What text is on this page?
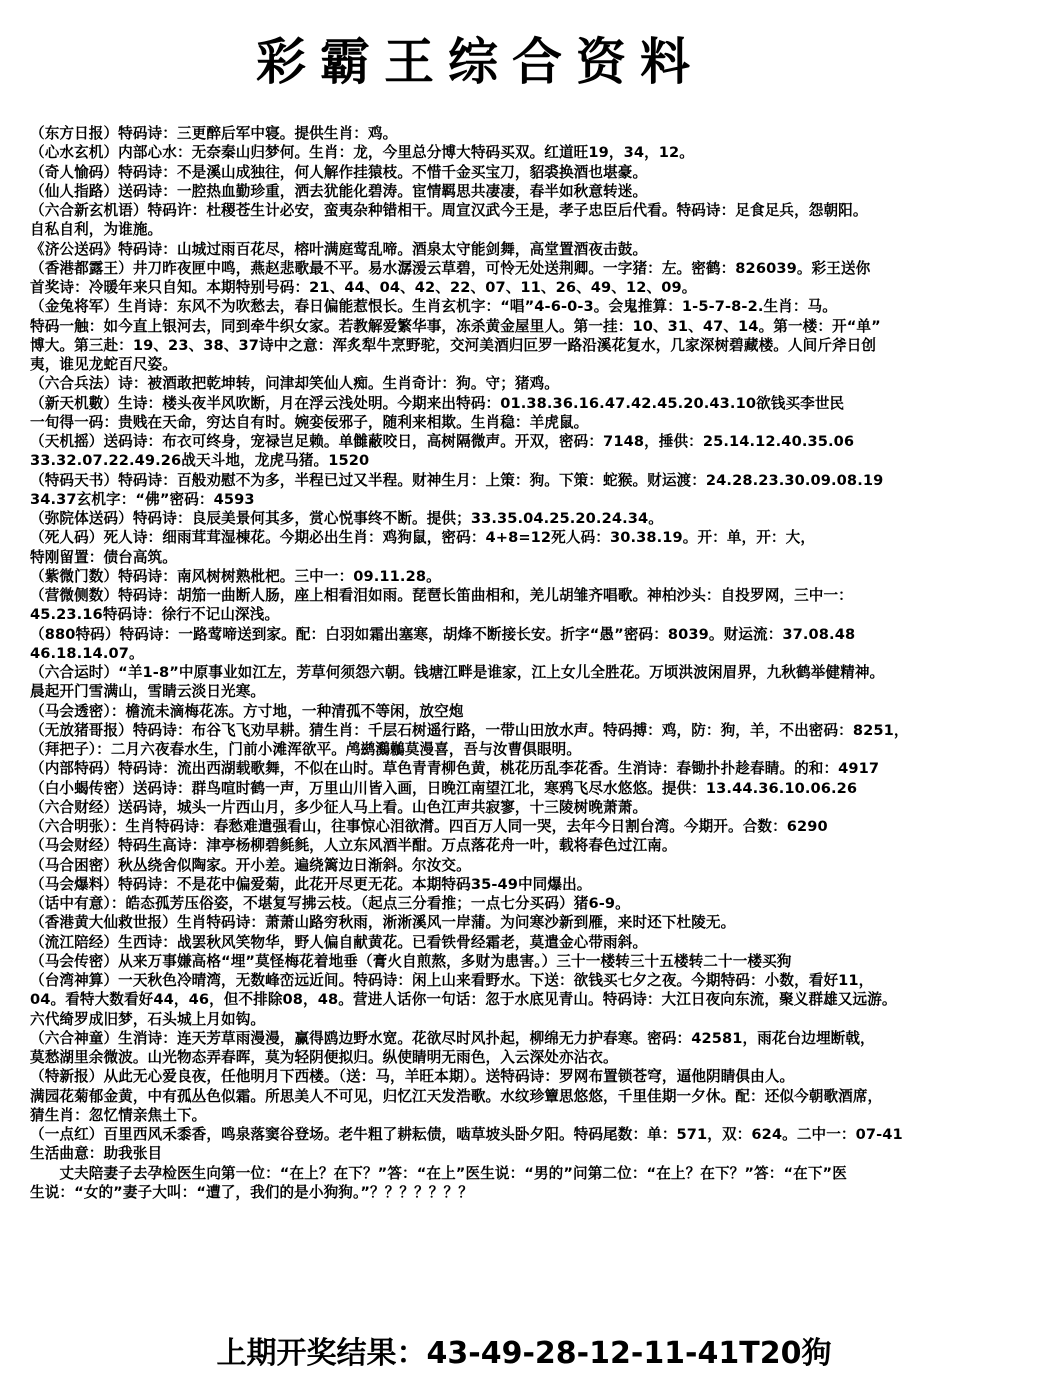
彩霸王综合资料
（东方日报）特码诗：三更醉后军中寝。提供生肖：鸡。
（心水玄机）内部心水：无奈秦山归梦何。生肖：龙，今里总分博大特码买双。红道旺19，34，12。
（奇人愉码）特码诗：不是溪山成独往，何人解作挂猿枝。不惜千金买宝刀，貂裘换酒也堪豪。
（仙人指路）送码诗：一腔热血勤珍重，洒去犹能化碧涛。宦情羁思共凄凄，春半如秋意转迷。
（六合新玄机语）特码许：杜稷苍生计必安，蛮夷杂种错相干。周宣汉武今王是，孝子忠臣后代看。特码诗：足食足兵，怨朝阳。
自私自利，为谁施。
《济公送码》特码诗：山城过雨百花尽，榕叶满庭莺乱啼。酒泉太守能剑舞，高堂置酒夜击鼓。
（香港都露王）井刀昨夜匣中鸣，燕赵悲歌最不平。易水潺湲云草碧，可怜无处送荆卿。一字猪：左。密鹤：826039。彩王送你
首奖诗：冷暖年来只自知。本期特别号码：21、44、04、42、22、07、11、26、49、12、09。
（金兔将军）生肖诗：东风不为吹愁去，春日偏能惹恨长。生肖玄机字：“唱”4-6-0-3。会鬼推算：1-5-7-8-2.生肖：马。
特码一触：如今直上银河去，同到牵牛织女家。若教解爱繁华事，冻杀黄金屋里人。第一挂：10、31、47、14。第一楼：开“单”
博大。第三赴：19、23、38、37诗中之意：浑炙犁牛烹野驼，交河美酒归叵罗一路沿溪花复水，几家深树碧藏楼。人间斤斧日创
夷，谁见龙蛇百尺姿。
（六合兵法）诗：被酒敢把乾坤转，问津却笑仙人痴。生肖奇计：狗。守；猪鸡。
（新天机數）生诗：楼头夜半风吹断，月在浮云浅处明。今期来出特码：01.38.36.16.47.42.45.20.43.10欲钱买李世民
一旬得一码：贵贱在天命，穷达自有时。婉娈佞邪子，随利来相欺。生肖稳：羊虎鼠。
（天机摇）送码诗：布衣可终身，宠禄岂足赖。单雠蔽咬日，高树隔微声。开双，密码：7148，捶供：25.14.12.40.35.06
33.32.07.22.49.26战天斗地，龙虎马猪。1520
（特码天书）特码诗：百般劝慰不为多，半程已过又半程。财神生月：上策：狗。下策：蛇猴。财运渡：24.28.23.30.09.08.19
34.37玄机字：“佛”密码：4593
（弥院体送码）特码诗：良辰美景何其多，赏心悦事终不断。提供；33.35.04.25.20.24.34。
（死人码）死人诗：细雨茸茸湿棟花。今期必出生肖：鸡狗鼠，密码：4+8=12死人码：30.38.19。开：单，开：大，
特刚留置：债台高筑。
（紫微门数）特码诗：南风树树熟枇杷。三中一：09.11.28。
（营微侧数）特码诗：胡笳一曲断人肠，座上相看泪如雨。琵琶长笛曲相和，羌儿胡雏齐唱歌。神柏沙头：自投罗网，三中一：
45.23.16特码诗：徐行不记山深浅。
（880特码）特码诗：一路莺啼送到家。配：白羽如霜出塞寒，胡烽不断接长安。折字“愚”密码：8039。财运流：37.08.48
46.18.14.07。
（六合运时）“羊1-8”中原事业如江左，芳草何须怨六朝。钱塘江畔是谁家，江上女儿全胜花。万顷洪波闲眉界，九秋鹤举健精神。
晨起开门雪满山，雪睛云淡日光寒。
（马会透密）：檐流未滴梅花冻。方寸地，一种清孤不等闲，放空炮
（无放猪哥报）特码诗：布谷飞飞劝早耕。猜生肖：千层石树遥行路，一带山田放水声。特码搏：鸡，防：狗，羊，不出密码：8251，
（拜把子）：二月六夜春水生，门前小滩浑欲平。鸬鹚鸂鶒莫漫喜，吾与汝曹俱眼明。
（内部特码）特码诗：流出西湖载歌舞，不似在山时。草色青青柳色黄，桃花历乱李花香。生消诗：春锄扑扑趁春睛。的和：4917
（白小蝎传密）送码诗：群鸟喧时鹤一声，万里山川皆入画，日晚江南望江北，寒鸦飞尽水悠悠。提供：13.44.36.10.06.26
（六合财经）送码诗，城头一片西山月，多少征人马上看。山色江声共寂寥，十三陵树晚萧萧。
（六合明张）：生肖特码诗：春愁难遣强看山，往事惊心泪欲潸。四百万人同一哭，去年今日割台湾。今期开。合数：6290
（马会财经）特码生高诗：津亭杨柳碧毵毵，人立东风酒半酣。万点落花舟一叶，载将春色过江南。
（马合困密）秋丛绕舍似陶家。开小差。遍绕篱边日渐斜。尔汝交。
（马会爆料）特码诗：不是花中偏爱菊，此花开尽更无花。本期特码35-49中同爆出。
（话中有意）：皓态孤芳压俗姿，不堪复写拂云枝。（起点三分看推；一点七分买码）猪6-9。
（香港黄大仙救世报）生肖特码诗：萧萧山路穷秋雨，淅淅溪风一岸蒲。为问寒沙新到雁，来时还下杜陵无。
（流江陪经）生西诗：战罢秋风笑物华，野人偏自献黄花。已看铁骨经霜老，莫遣金心带雨斜。
（马会传密）从来万事嫌高格“埋”莫怪梅花着地垂（膏火自煎熬，多财为患害。）三十一楼转三十五楼转二十一楼买狗
（台湾神算）一天秋色冷晴湾，无数峰峦远近间。特码诗：闲上山来看野水。下送：欲钱买七夕之夜。今期特码：小数，看好11，
04。看特大数看好44，46，但不排除08，48。营进人话你一句话：忽于水底见青山。特码诗：大江日夜向东流，聚义群雄又远游。
六代绮罗成旧梦，石头城上月如钩。
（六合神童）生消诗：连天芳草雨漫漫，赢得鸥边野水宽。花欲尽时风扑起，柳绵无力护春寒。密码：42581，雨花台边埋断戟，
莫愁湖里余微波。山光物态弄春晖，莫为轻阴便拟归。纵使睛明无雨色，入云深处亦沾衣。
（特新报）从此无心爱良夜，任他明月下西楼。（送：马，羊旺本期）。送特码诗：罗网布置锁苍穹，逼他阴睛俱由人。
满园花菊郁金黄，中有孤丛色似霜。所思美人不可见，归忆江天发浩歌。水纹珍簟思悠悠，千里佳期一夕休。配：还似今朝歌酒席，
猜生肖：忽忆情亲焦土下。
（一点红）百里西风禾黍香，鸣泉落窦谷登场。老牛粗了耕耘债，啮草坡头卧夕阳。特码尾数：单：571，双：624。二中一：07-41
生活曲意：助我张目
　　丈夫陪妻子去孕检医生向第一位：“在上？在下？”答：“在上”医生说：“男的”问第二位：“在上？在下？”答：“在下”医
生说：“女的”妻子大叫：“遭了，我们的是小狗狗。”？？？？？？？
上期开奖结果：43-49-28-12-11-41T20狗
